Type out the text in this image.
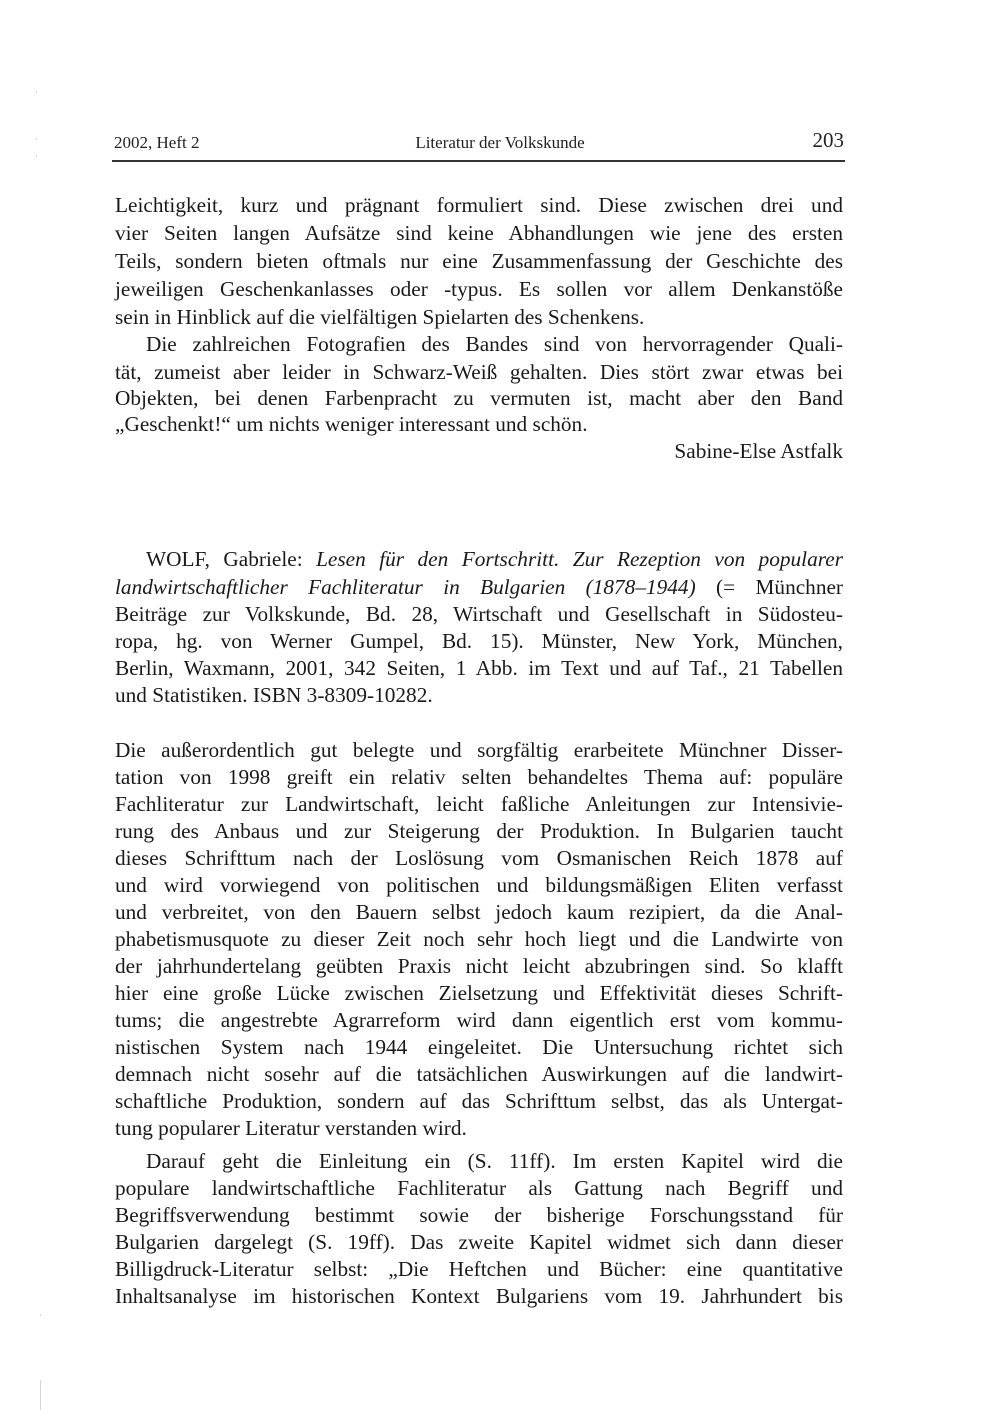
2002, Heft 2	Literatur der Volkskunde	203
Leichtigkeit, kurz und prägnant formuliert sind. Diese zwischen drei und
vier Seiten langen Aufsätze sind keine Abhandlungen wie jene des ersten
Teils, sondern bieten oftmals nur eine Zusammenfassung der Geschichte des
jeweiligen Geschenkanlasses oder -typus. Es sollen vor allem Denkanstöße
sein in Hinblick auf die vielfältigen Spielarten des Schenkens.
Die zahlreichen Fotografien des Bandes sind von hervorragender Quali-
tät, zumeist aber leider in Schwarz-Weiß gehalten. Dies stört zwar etwas bei
Objekten, bei denen Farbenpracht zu vermuten ist, macht aber den Band
„Geschenkt!“ um nichts weniger interessant und schön.
Sabine-Else Astfalk
WOLF, Gabriele: Lesen für den Fortschritt. Zur Rezeption von popularer
landwirtschaftlicher Fachliteratur in Bulgarien (1878–1944) (= Münchner
Beiträge zur Volkskunde, Bd. 28, Wirtschaft und Gesellschaft in Südosteu-
ropa, hg. von Werner Gumpel, Bd. 15). Münster, New York, München,
Berlin, Waxmann, 2001, 342 Seiten, 1 Abb. im Text und auf Taf., 21 Tabellen
und Statistiken. ISBN 3-8309-10282.
Die außerordentlich gut belegte und sorgfältig erarbeitete Münchner Disser-
tation von 1998 greift ein relativ selten behandeltes Thema auf: populäre
Fachliteratur zur Landwirtschaft, leicht faßliche Anleitungen zur Intensivie-
rung des Anbaus und zur Steigerung der Produktion. In Bulgarien taucht
dieses Schrifttum nach der Loslösung vom Osmanischen Reich 1878 auf
und wird vorwiegend von politischen und bildungsmäßigen Eliten verfasst
und verbreitet, von den Bauern selbst jedoch kaum rezipiert, da die Anal-
phabetismusquote zu dieser Zeit noch sehr hoch liegt und die Landwirte von
der jahrhundertelang geübten Praxis nicht leicht abzubringen sind. So klafft
hier eine große Lücke zwischen Zielsetzung und Effektivität dieses Schrift-
tums; die angestrebte Agrarreform wird dann eigentlich erst vom kommu-
nistischen System nach 1944 eingeleitet. Die Untersuchung richtet sich
demnach nicht sosehr auf die tatsächlichen Auswirkungen auf die landwirt-
schaftliche Produktion, sondern auf das Schrifttum selbst, das als Untergat-
tung popularer Literatur verstanden wird.
Darauf geht die Einleitung ein (S. 11ff). Im ersten Kapitel wird die
populare landwirtschaftliche Fachliteratur als Gattung nach Begriff und
Begriffsverwendung bestimmt sowie der bisherige Forschungsstand für
Bulgarien dargelegt (S. 19ff). Das zweite Kapitel widmet sich dann dieser
Billigdruck-Literatur selbst: „Die Heftchen und Bücher: eine quantitative
Inhaltsanalyse im historischen Kontext Bulgariens vom 19. Jahrhundert bis
